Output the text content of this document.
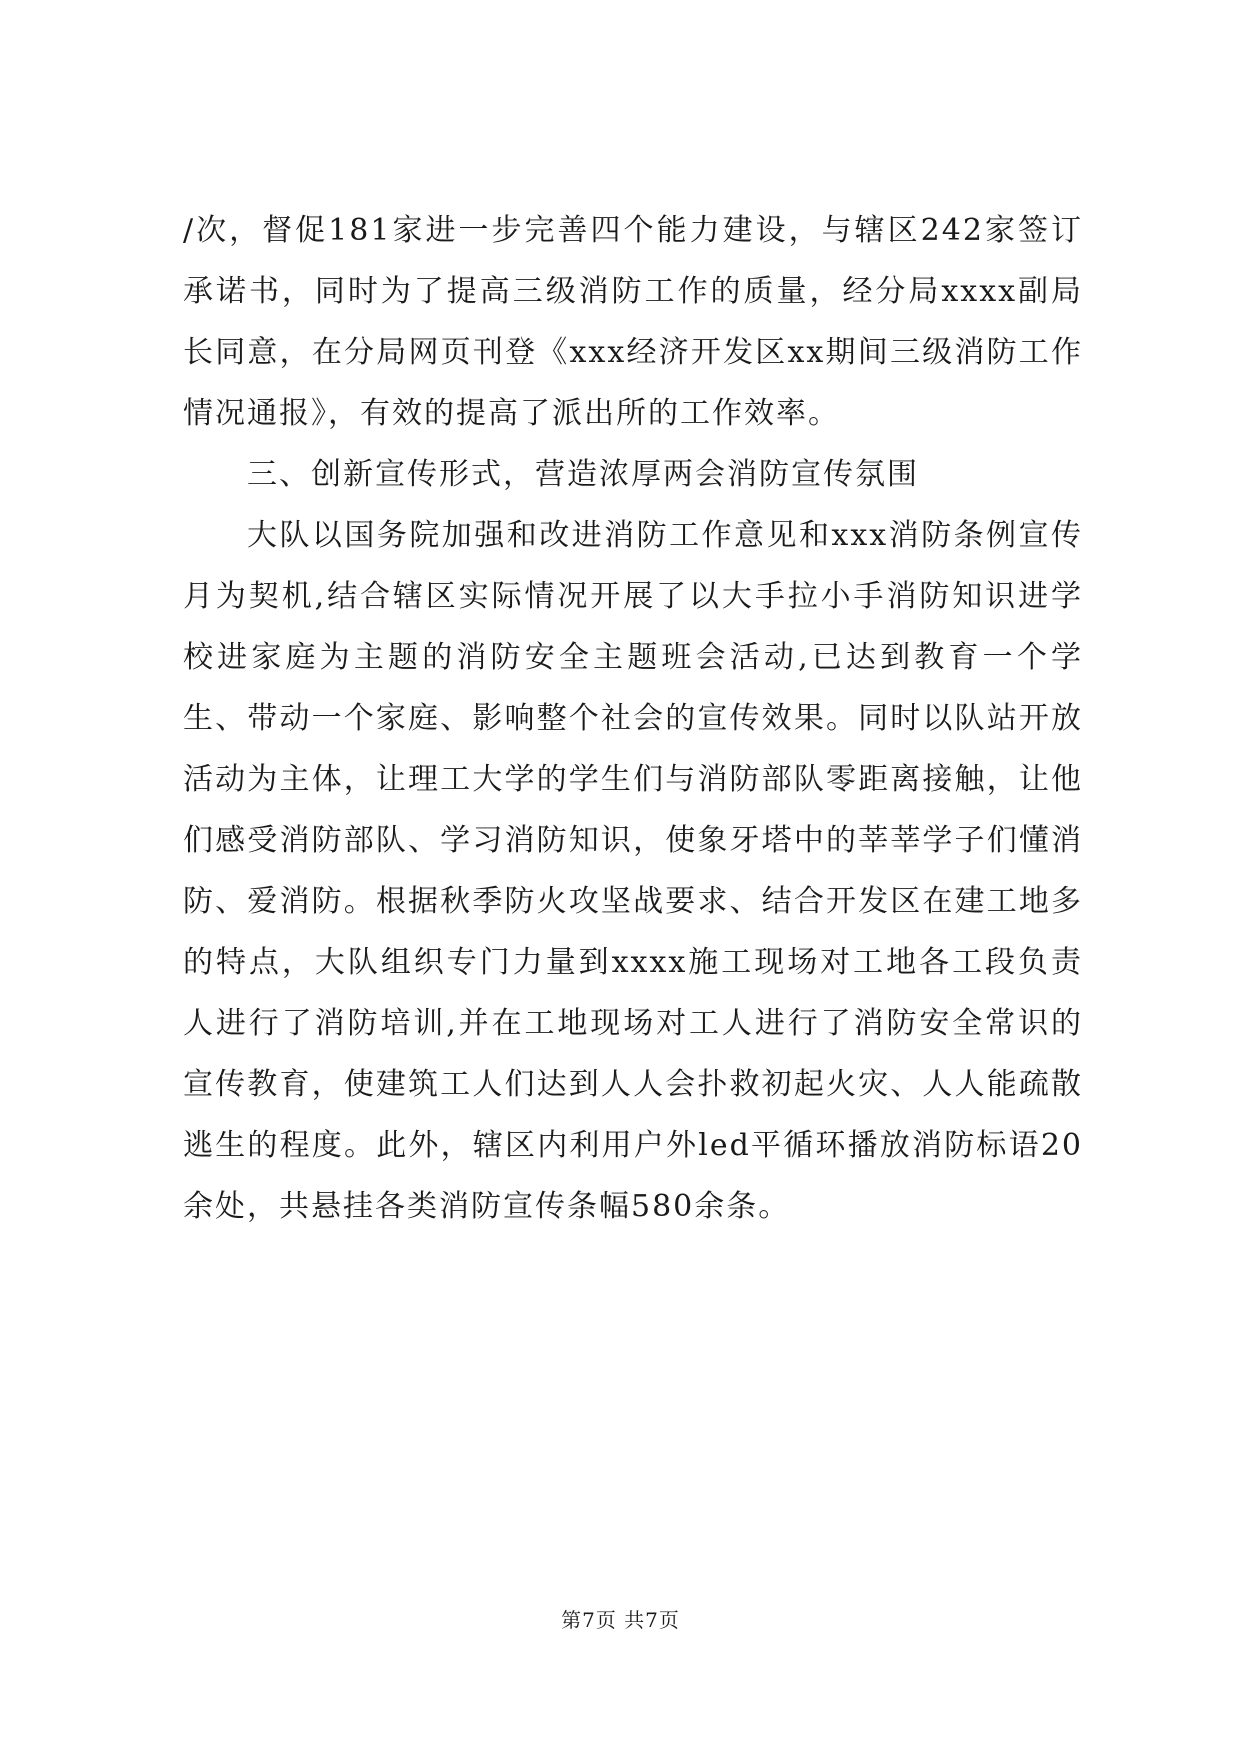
/次，督促181家进一步完善四个能力建设，与辖区242家签订承诺书，同时为了提高三级消防工作的质量，经分局xxxx副局长同意，在分局网页刊登《xxx经济开发区xx期间三级消防工作情况通报》，有效的提高了派出所的工作效率。

三、创新宣传形式，营造浓厚两会消防宣传氛围

大队以国务院加强和改进消防工作意见和xxx消防条例宣传月为契机,结合辖区实际情况开展了以大手拉小手消防知识进学校进家庭为主题的消防安全主题班会活动,已达到教育一个学生、带动一个家庭、影响整个社会的宣传效果。同时以队站开放活动为主体，让理工大学的学生们与消防部队零距离接触，让他们感受消防部队、学习消防知识，使象牙塔中的莘莘学子们懂消防、爱消防。根据秋季防火攻坚战要求、结合开发区在建工地多的特点，大队组织专门力量到xxxx施工现场对工地各工段负责人进行了消防培训,并在工地现场对工人进行了消防安全常识的宣传教育，使建筑工人们达到人人会扑救初起火灾、人人能疏散逃生的程度。此外，辖区内利用户外led平循环播放消防标语20余处，共悬挂各类消防宣传条幅580余条。

第7页 共7页
